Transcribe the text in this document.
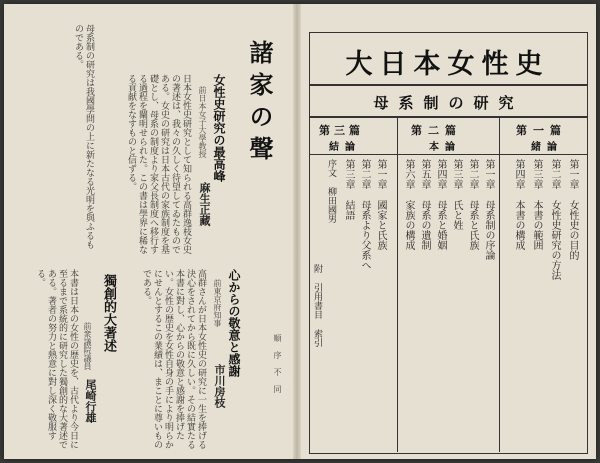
諸家の聲
女性史研究の最高峰
前日本女子大學教授
麻生正藏
日本女性史研究として知られる高群逸枝女史の著述は、我々の久しく待望してゐたものである。女史の研究は日本古代の家族制度を基礎とし、母系の制度より家父長制度へ移行する過程を闡明せられた。この書は學界に稀なる貢献をなすものと信ずる。
心からの敬意と感謝
前東京府知事
市川房枝
高群さんが日本女性史の研究に一生を捧げる決心をされてから既に久しい。その結實たる本書に對し、心からの敬意と感謝を捧げたい。女性の歴史を女性自身の手により明らかにせんとするこの業績は、まことに尊いものである。
獨創的大著述
前衆議院議員
尾崎行雄
本書は日本の女性の歴史を、古代より今日に至るまで系統的に研究した獨創的な大著述である。著者の努力と熱意に對し深く敬服する。
母系制の研究は我國學問の上に新たなる光明を與ふるものである。
順 序 不 同
大日本女性史
母系制の研究
第一篇
緒論
第一章 女性史の目的
第二章 女性史研究の方法
第三章 本書の範囲
第四章 本書の構成
第二篇
本論
第一章 母系制の序論
第二章 母系と氏族
第三章 氏と姓
第四章 母系と婚姻
第五章 母系の遺制
第六章 家族の構成
第三篇
結論
第一章 國家と氏族
第二章 母系より父系へ
第三章 結語
序文 柳田國男
附 引用書目 索引
